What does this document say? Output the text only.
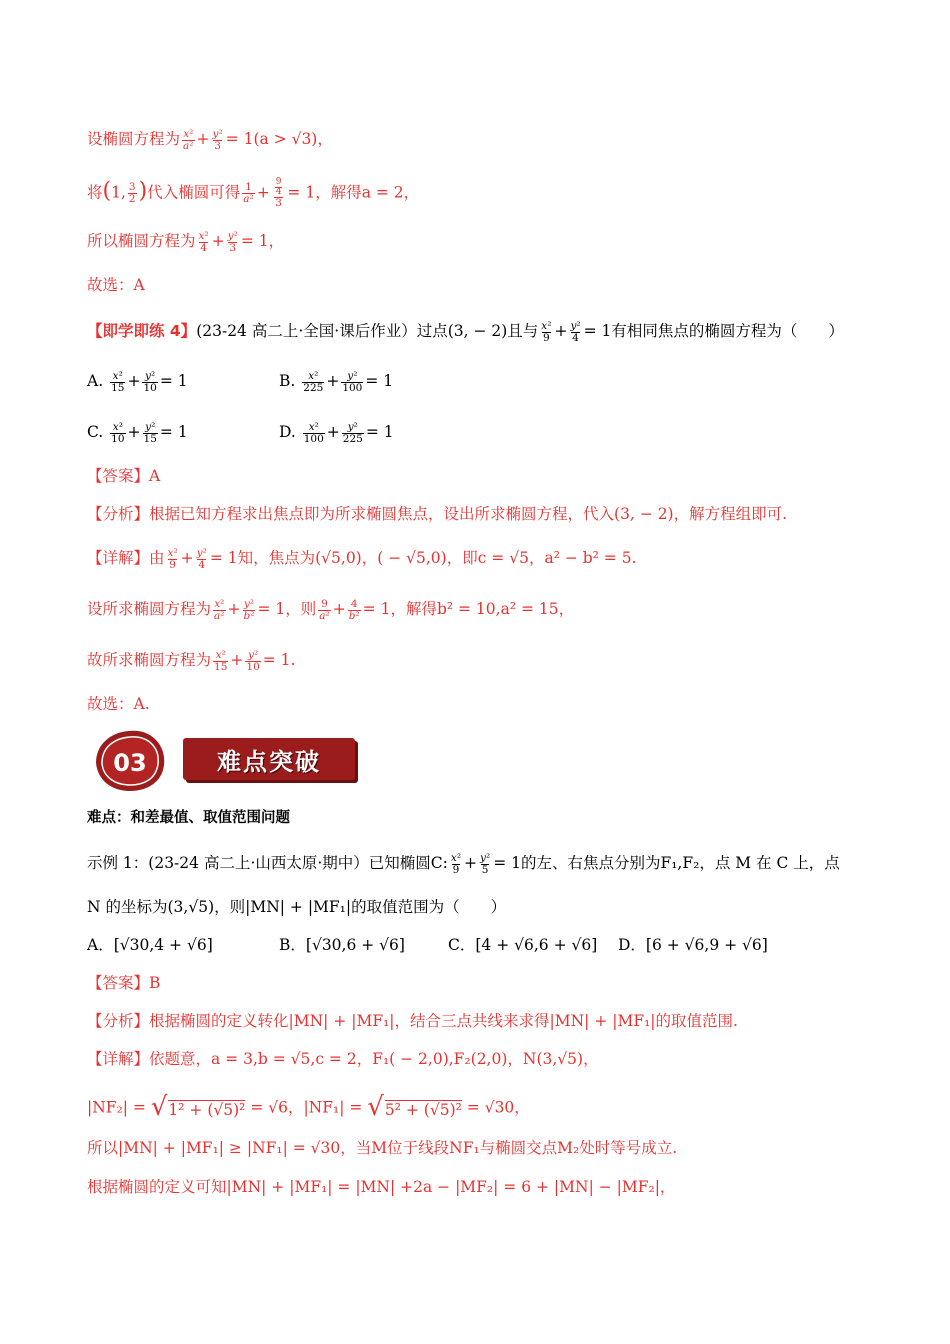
设椭圆方程为 $\frac{\text{x²}}{\text{a²}} + \frac{\text{y²}}{3} = 1(a > √3)$，
将(1, $\frac{3}{2}$ )代入椭圆可得 $\frac{1}{\text{a²}} + \frac{\frac{9}{4}}{3} = 1$，解得a = 2，
所以椭圆方程为 $\frac{\text{x²}}{4} + \frac{\text{y²}}{3} = 1$，
故选：A
【即学即练 4】(23-24 高二上·全国·课后作业）过点(3, − 2)且与 $\frac{\text{x²}}{9} + \frac{\text{y²}}{4} = 1$有相同焦点的椭圆方程为（　　）
A. $\frac{\text{x²}}{15} + \frac{\text{y²}}{10} = 1$	B. $\frac{\text{x²}}{225} + \frac{\text{y²}}{100} = 1$
C. $\frac{\text{x²}}{10} + \frac{\text{y²}}{15} = 1$	D. $\frac{\text{x²}}{100} + \frac{\text{y²}}{225} = 1$
【答案】A
【分析】根据已知方程求出焦点即为所求椭圆焦点，设出所求椭圆方程，代入(3, − 2)，解方程组即可.
【详解】由 $\frac{\text{x²}}{9} + \frac{\text{y²}}{4} = 1$知，焦点为(√5,0)，( − √5,0)，即c = √5，a² − b² = 5.
设所求椭圆方程为 $\frac{\text{x²}}{\text{a²}} + \frac{\text{y²}}{\text{b²}} = 1$，则 $\frac{9}{\text{a²}} + \frac{4}{\text{b²}} = 1$，解得b² = 10,a² = 15，
故所求椭圆方程为 $\frac{\text{x²}}{15} + \frac{\text{y²}}{10} = 1$.
故选：A.
03	难点突破
难点：和差最值、取值范围问题
示例 1：(23-24 高二上·山西太原·期中）已知椭圆C: $\frac{\text{x²}}{9} + \frac{\text{y²}}{5} = 1$的左、右焦点分别为F₁,F₂，点 M 在 C 上，点
N 的坐标为(3,√5)，则|MN| + |MF₁|的取值范围为（　　）
A．[√30,4 + √6]	B．[√30,6 + √6]	C．[4 + √6,6 + √6] D．[6 + √6,9 + √6]
【答案】B
【分析】根据椭圆的定义转化|MN| + |MF₁|，结合三点共线来求得|MN| + |MF₁|的取值范围.
【详解】依题意，a = 3,b = √5,c = 2，F₁( − 2,0),F₂(2,0)，N(3,√5)，
|NF₂| = √1² + (√5)² = √6，|NF₁| = √5² + (√5)² = √30，
所以|MN| + |MF₁| ≥ |NF₁| = √30，当M位于线段NF₁与椭圆交点M₂处时等号成立.
根据椭圆的定义可知|MN| + |MF₁| = |MN| +2a − |MF₂| = 6 + |MN| − |MF₂|，
